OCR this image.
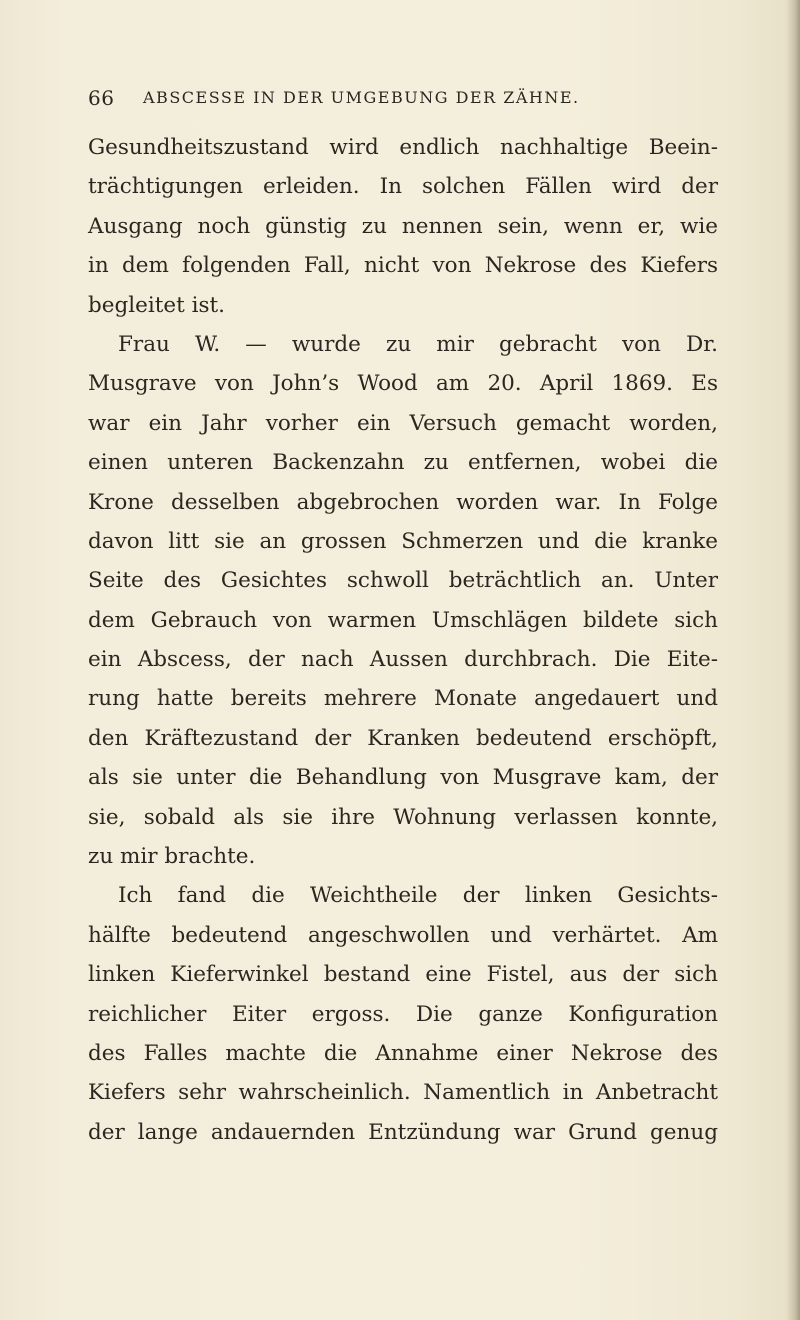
66 ABSCESSE IN DER UMGEBUNG DER ZÄHNE.
Gesundheitszustand wird endlich nachhaltige Beein-
trächtigungen erleiden. In solchen Fällen wird der
Ausgang noch günstig zu nennen sein, wenn er, wie
in dem folgenden Fall, nicht von Nekrose des Kiefers
begleitet ist.
Frau W. — wurde zu mir gebracht von Dr.
Musgrave von John’s Wood am 20. April 1869. Es
war ein Jahr vorher ein Versuch gemacht worden,
einen unteren Backenzahn zu entfernen, wobei die
Krone desselben abgebrochen worden war. In Folge
davon litt sie an grossen Schmerzen und die kranke
Seite des Gesichtes schwoll beträchtlich an. Unter
dem Gebrauch von warmen Umschlägen bildete sich
ein Abscess, der nach Aussen durchbrach. Die Eite-
rung hatte bereits mehrere Monate angedauert und
den Kräftezustand der Kranken bedeutend erschöpft,
als sie unter die Behandlung von Musgrave kam, der
sie, sobald als sie ihre Wohnung verlassen konnte,
zu mir brachte.
Ich fand die Weichtheile der linken Gesichts-
hälfte bedeutend angeschwollen und verhärtet. Am
linken Kieferwinkel bestand eine Fistel, aus der sich
reichlicher Eiter ergoss. Die ganze Konfiguration
des Falles machte die Annahme einer Nekrose des
Kiefers sehr wahrscheinlich. Namentlich in Anbetracht
der lange andauernden Entzündung war Grund genug
